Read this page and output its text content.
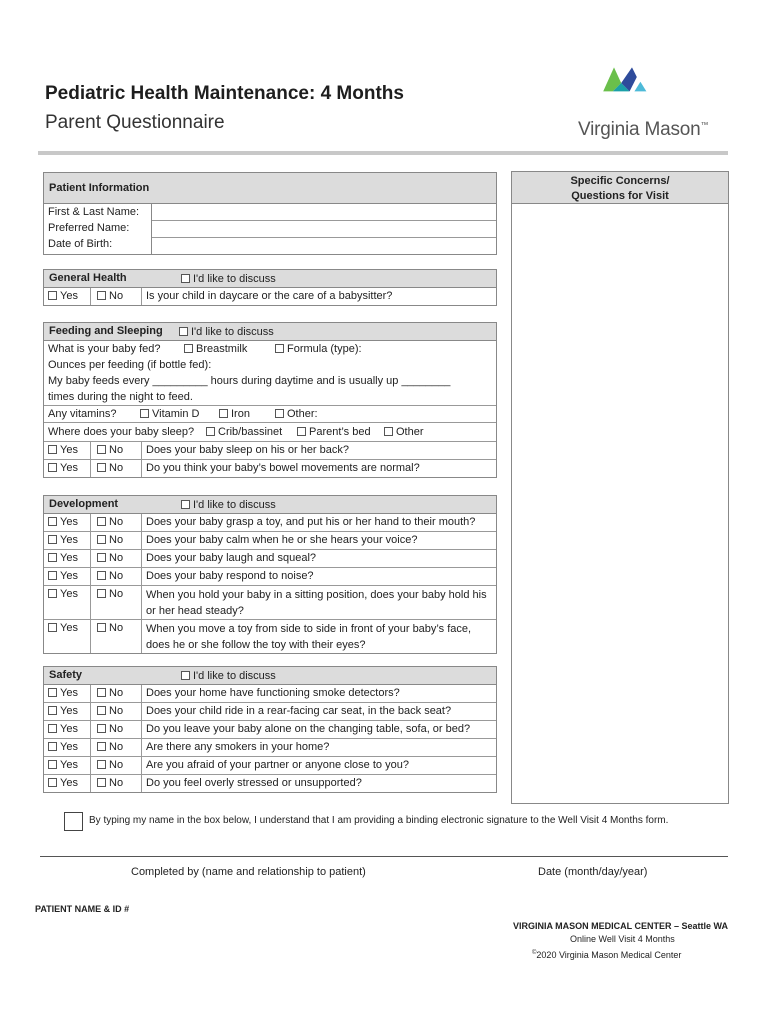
Pediatric Health Maintenance: 4 Months
Parent Questionnaire	Virginia Mason™
Patient Information
First & Last Name:
Preferred Name:
Date of Birth:
General Health	I'd like to discuss
Yes	No	Is your child in daycare or the care of a babysitter?
Feeding and Sleeping	I'd like to discuss
What is your baby fed?	Breastmilk	Formula (type):
Ounces per feeding (if bottle fed):
My baby feeds every _________ hours during daytime and is usually up ________
times during the night to feed.
Any vitamins?	Vitamin D	Iron	Other:
Where does your baby sleep?	Crib/bassinet	Parent’s bed	Other
Yes	No	Does your baby sleep on his or her back?
Yes	No	Do you think your baby’s bowel movements are normal?
Development	I'd like to discuss
Yes	No	Does your baby grasp a toy, and put his or her hand to their mouth?
Yes	No	Does your baby calm when he or she hears your voice?
Yes	No	Does your baby laugh and squeal?
Yes	No	Does your baby respond to noise?
Yes	No	When you hold your baby in a sitting position, does your baby hold his or her head steady?
Yes	No	When you move a toy from side to side in front of your baby’s face, does he or she follow the toy with their eyes?
Safety	I'd like to discuss
Yes	No	Does your home have functioning smoke detectors?
Yes	No	Does your child ride in a rear-facing car seat, in the back seat?
Yes	No	Do you leave your baby alone on the changing table, sofa, or bed?
Yes	No	Are there any smokers in your home?
Yes	No	Are you afraid of your partner or anyone close to you?
Yes	No	Do you feel overly stressed or unsupported?
Specific Concerns/
Questions for Visit
By typing my name in the box below, I understand that I am providing a binding electronic signature to the Well Visit 4 Months form.
Completed by (name and relationship to patient)	Date (month/day/year)
PATIENT NAME & ID #
VIRGINIA MASON MEDICAL CENTER – Seattle WA
Online Well Visit 4 Months
©2020 Virginia Mason Medical Center
